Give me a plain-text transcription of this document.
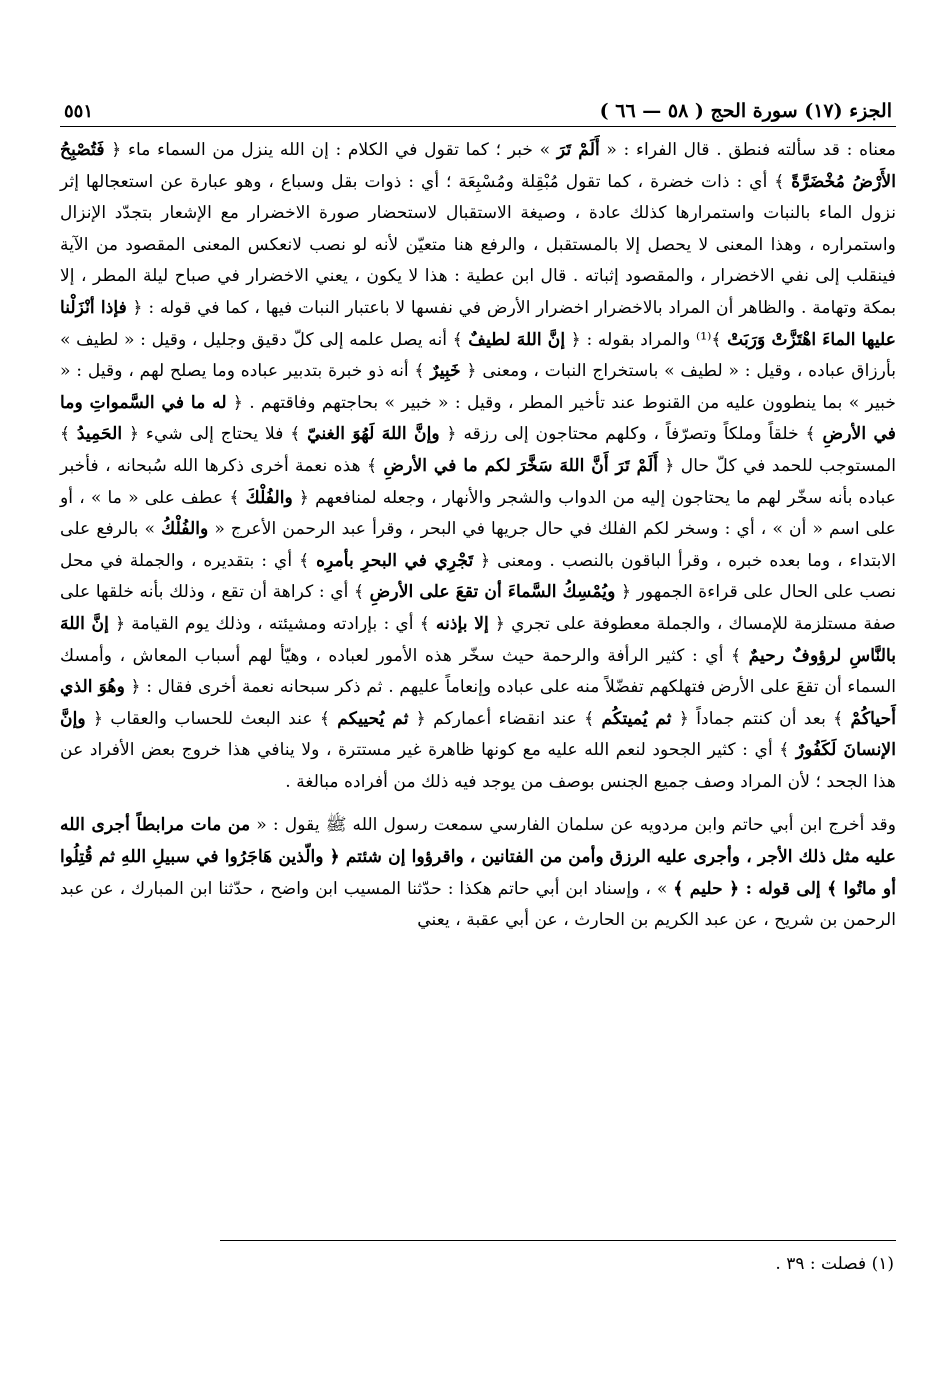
الجزء (١٧) سورة الحج ( ٥٨ — ٦٦ )
٥٥١

معناه : قد سألته فنطق . قال الفراء : « أَلَمْ تَرَ » خبر ؛ كما تقول في الكلام : إن الله ينزل من السماء ماء ﴿ فَتُصْبِحُ الأَرْضُ مُخْضَرَّةً ﴾ أي : ذات خضرة ، كما تقول مُبْقِلة ومُسْبِعَة ؛ أي : ذوات بقل وسباع ، وهو عبارة عن استعجالها إثر نزول الماء بالنبات واستمرارها كذلك عادة ، وصيغة الاستقبال لاستحضار صورة الاخضرار مع الإشعار بتجدّد الإنزال واستمراره ، وهذا المعنى لا يحصل إلا بالمستقبل ، والرفع هنا متعيّن لأنه لو نصب لانعكس المعنى المقصود من الآية فينقلب إلى نفي الاخضرار ، والمقصود إثباته . قال ابن عطية : هذا لا يكون ، يعني الاخضرار في صباح ليلة المطر ، إلا بمكة وتهامة . والظاهر أن المراد بالاخضرار اخضرار الأرض في نفسها لا باعتبار النبات فيها ، كما في قوله : ﴿ فإذا أنْزَلْنا عليها الماءَ اهْتَزَّتْ وَرَبَتْ ﴾⁽¹⁾ والمراد بقوله : ﴿ إنَّ اللهَ لطيفٌ ﴾ أنه يصل علمه إلى كلّ دقيق وجليل ، وقيل : « لطيف » بأرزاق عباده ، وقيل : « لطيف » باستخراج النبات ، ومعنى ﴿ خَبِيرٌ ﴾ أنه ذو خبرة بتدبير عباده وما يصلح لهم ، وقيل : « خبير » بما ينطوون عليه من القنوط عند تأخير المطر ، وقيل : « خبير » بحاجتهم وفاقتهم . ﴿ له ما في السَّمواتِ وما في الأرضِ ﴾ خلقاً وملكاً وتصرّفاً ، وكلهم محتاجون إلى رزقه ﴿ وإنَّ اللهَ لَهُوَ الغنيّ ﴾ فلا يحتاج إلى شيء ﴿ الحَمِيدُ ﴾ المستوجب للحمد في كلّ حال ﴿ أَلَمْ تَرَ أَنَّ اللهَ سَخَّرَ لكم ما في الأرضِ ﴾ هذه نعمة أخرى ذكرها الله سُبحانه ، فأخبر عباده بأنه سخّر لهم ما يحتاجون إليه من الدواب والشجر والأنهار ، وجعله لمنافعهم ﴿ والفُلْكَ ﴾ عطف على « ما » ، أو على اسم « أن » ، أي : وسخر لكم الفلك في حال جريها في البحر ، وقرأ عبد الرحمن الأعرج « والفُلْكُ » بالرفع على الابتداء ، وما بعده خبره ، وقرأ الباقون بالنصب . ومعنى ﴿ تَجْرِي في البحرِ بأمرِه ﴾ أي : بتقديره ، والجملة في محل نصب على الحال على قراءة الجمهور ﴿ ويُمْسِكُ السَّماءَ أن تقعَ على الأرضِ ﴾ أي : كراهة أن تقع ، وذلك بأنه خلقها على صفة مستلزمة للإمساك ، والجملة معطوفة على تجري ﴿ إلا بإذنه ﴾ أي : بإرادته ومشيئته ، وذلك يوم القيامة ﴿ إنَّ اللهَ بالنَّاسِ لرؤوفٌ رحيمٌ ﴾ أي : كثير الرأفة والرحمة حيث سخّر هذه الأمور لعباده ، وهيّأ لهم أسباب المعاش ، وأمسك السماء أن تقعَ على الأرض فتهلكهم تفضّلاً منه على عباده وإنعاماً عليهم . ثم ذكر سبحانه نعمة أخرى فقال : ﴿ وهُوَ الذي أَحياكُمْ ﴾ بعد أن كنتم جماداً ﴿ ثم يُميتكُم ﴾ عند انقضاء أعماركم ﴿ ثم يُحييكم ﴾ عند البعث للحساب والعقاب ﴿ وإنَّ الإنسانَ لَكَفُورٌ ﴾ أي : كثير الجحود لنعم الله عليه مع كونها ظاهرة غير مستترة ، ولا ينافي هذا خروج بعض الأفراد عن هذا الجحد ؛ لأن المراد وصف جميع الجنس بوصف من يوجد فيه ذلك من أفراده مبالغة .

وقد أخرج ابن أبي حاتم وابن مردويه عن سلمان الفارسي سمعت رسول الله ﷺ يقول : « من مات مرابطاً أجرى الله عليه مثل ذلك الأجر ، وأجرى عليه الرزق وأمن من الفتانين ، واقرؤوا إن شئتم ﴿ والّذين هَاجَرُوا في سبيلِ اللهِ ثم قُتِلُوا أو ماتُوا ﴾ إلى قوله : ﴿ حليم ﴾ » ، وإسناد ابن أبي حاتم هكذا : حدّثنا المسيب ابن واضح ، حدّثنا ابن المبارك ، عن عبد الرحمن بن شريح ، عن عبد الكريم بن الحارث ، عن أبي عقبة ، يعني

(١) فصلت : ٣٩ .
